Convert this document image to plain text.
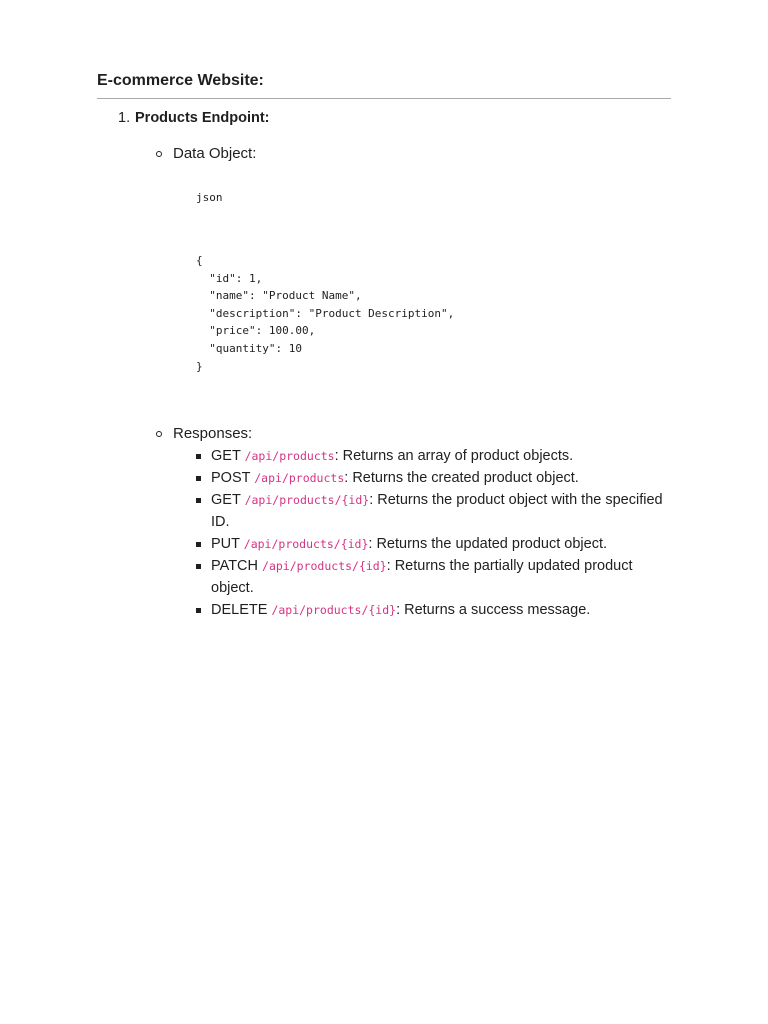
E-commerce Website:
1. Products Endpoint:
Data Object:
json
{
"id": 1,
"name": "Product Name",
"description": "Product Description",
"price": 100.00,
"quantity": 10
}
Responses:
GET /api/products: Returns an array of product objects.
POST /api/products: Returns the created product object.
GET /api/products/{id}: Returns the product object with the specified ID.
PUT /api/products/{id}: Returns the updated product object.
PATCH /api/products/{id}: Returns the partially updated product object.
DELETE /api/products/{id}: Returns a success message.
